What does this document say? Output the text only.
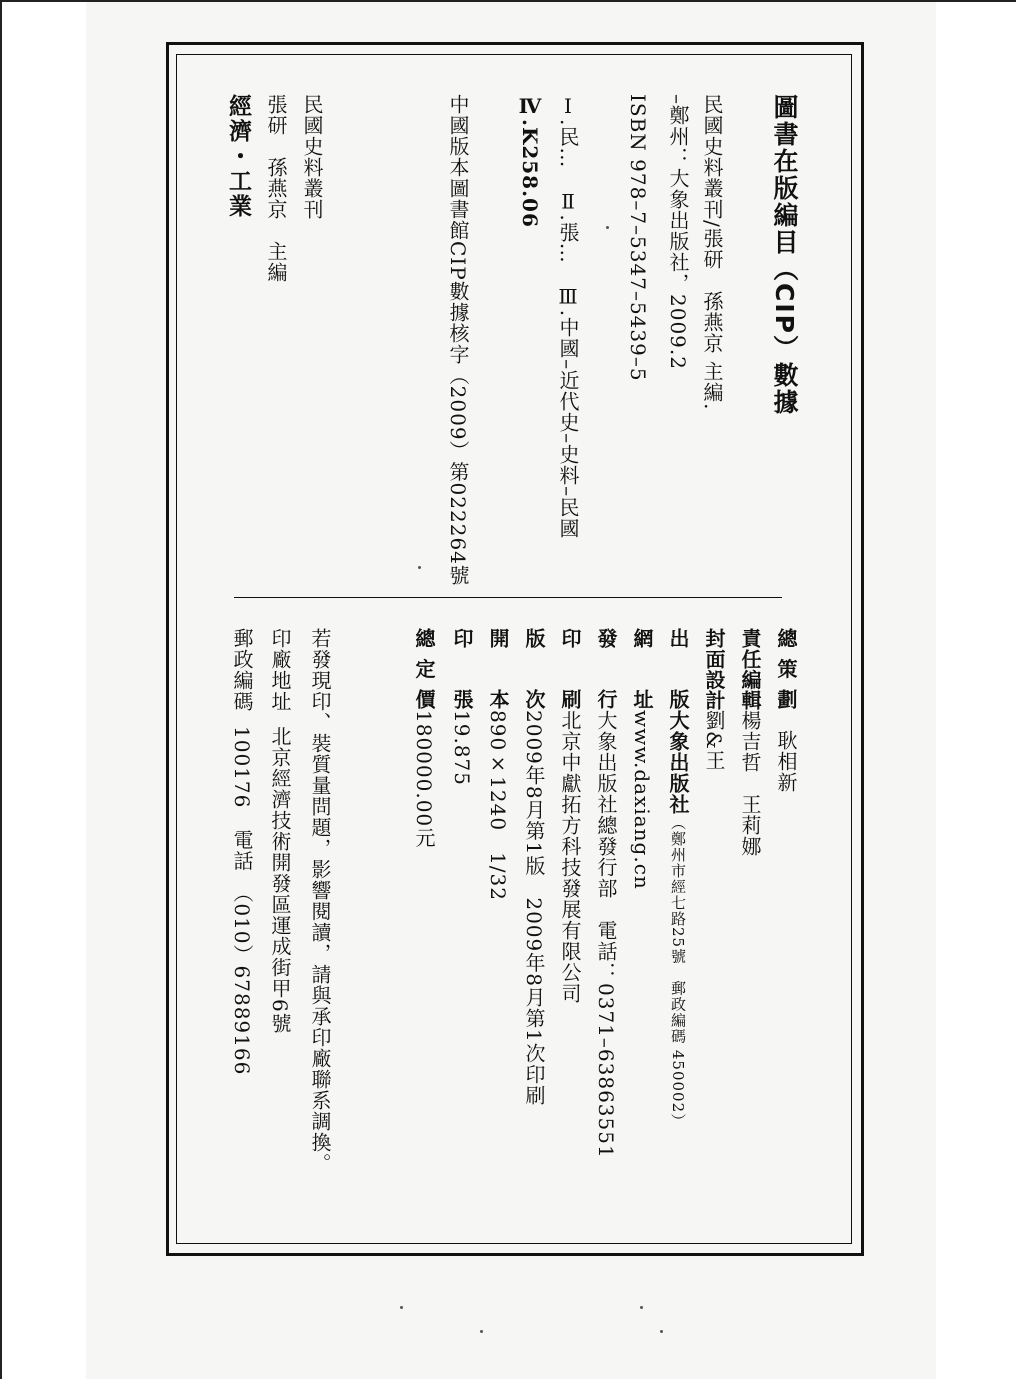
圖書在版編目（CIP）數據
民國史料叢刊/張研　孫燕京 主編.
–鄭州：大象出版社，2009.2
ISBN 978–7–5347–5439–5
Ⅰ.民…　Ⅱ.張…　Ⅲ.中國–近代史–史料–民國
Ⅳ.K258.06
中國版本圖書館CIP數據核字（2009）第022264號
民國史料叢刊
張研　孫燕京　主編
經濟・工業
總策劃耿相新
責任編輯楊吉哲　王莉娜
封面設計劉&王
出版大象出版社（鄭州市經七路25號　郵政編碼 450002）
網址www.daxiang.cn
發行大象出版社總發行部　電話：0371–63863551
印刷北京中獻拓方科技發展有限公司
版次2009年8月第1版　2009年8月第1次印刷
開本890×1240　1/32
印張19.875
總定價180000.00元
若發現印、裝質量問題，影響閱讀，請與承印廠聯系調換。
印廠地址北京經濟技術開發區運成街甲6號
郵政編碼100176　電話　（010）67889166
